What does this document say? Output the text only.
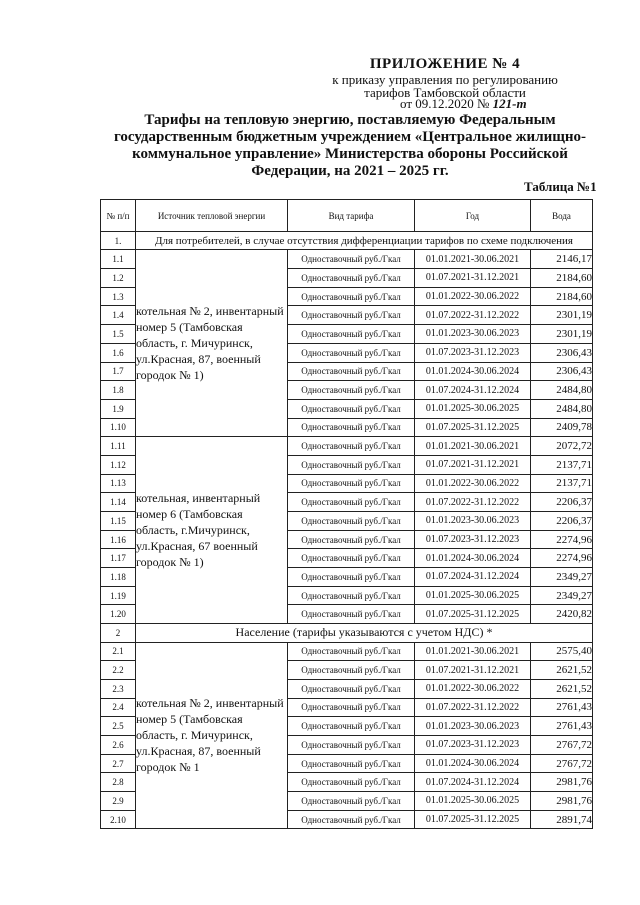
ПРИЛОЖЕНИЕ № 4
к приказу управления по регулированию
тарифов Тамбовской области
от 09.12.2020 № 121-т
Тарифы на тепловую энергию, поставляемую Федеральным государственным бюджетным учреждением «Центральное жилищно-коммунальное управление» Министерства обороны Российской Федерации, на 2021 – 2025 гг.
Таблица №1
№ п/п	Источник тепловой энергии	Вид тарифа	Год	Вода
1.	Для потребителей, в случае отсутствия дифференциации тарифов по схеме подключения			
1.1	котельная № 2, инвентарный номер 5 (Тамбовская область, г. Мичуринск, ул.Красная, 87, военный городок № 1)	Одноставочный руб./Гкал	01.01.2021-30.06.2021	2146,17
1.2		Одноставочный руб./Гкал	01.07.2021-31.12.2021	2184,60
1.3		Одноставочный руб./Гкал	01.01.2022-30.06.2022	2184,60
1.4		Одноставочный руб./Гкал	01.07.2022-31.12.2022	2301,19
1.5		Одноставочный руб./Гкал	01.01.2023-30.06.2023	2301,19
1.6		Одноставочный руб./Гкал	01.07.2023-31.12.2023	2306,43
1.7		Одноставочный руб./Гкал	01.01.2024-30.06.2024	2306,43
1.8		Одноставочный руб./Гкал	01.07.2024-31.12.2024	2484,80
1.9		Одноставочный руб./Гкал	01.01.2025-30.06.2025	2484,80
1.10		Одноставочный руб./Гкал	01.07.2025-31.12.2025	2409,78
1.11	котельная, инвентарный номер 6 (Тамбовская область, г.Мичуринск, ул.Красная, 67 военный городок № 1)	Одноставочный руб./Гкал	01.01.2021-30.06.2021	2072,72
1.12		Одноставочный руб./Гкал	01.07.2021-31.12.2021	2137,71
1.13		Одноставочный руб./Гкал	01.01.2022-30.06.2022	2137,71
1.14		Одноставочный руб./Гкал	01.07.2022-31.12.2022	2206,37
1.15		Одноставочный руб./Гкал	01.01.2023-30.06.2023	2206,37
1.16		Одноставочный руб./Гкал	01.07.2023-31.12.2023	2274,96
1.17		Одноставочный руб./Гкал	01.01.2024-30.06.2024	2274,96
1.18		Одноставочный руб./Гкал	01.07.2024-31.12.2024	2349,27
1.19		Одноставочный руб./Гкал	01.01.2025-30.06.2025	2349,27
1.20		Одноставочный руб./Гкал	01.07.2025-31.12.2025	2420,82
2	Население (тарифы указываются с учетом НДС) *			
2.1	котельная № 2, инвентарный номер 5 (Тамбовская область, г. Мичуринск, ул.Красная, 87, военный городок № 1	Одноставочный руб./Гкал	01.01.2021-30.06.2021	2575,40
2.2		Одноставочный руб./Гкал	01.07.2021-31.12.2021	2621,52
2.3		Одноставочный руб./Гкал	01.01.2022-30.06.2022	2621,52
2.4		Одноставочный руб./Гкал	01.07.2022-31.12.2022	2761,43
2.5		Одноставочный руб./Гкал	01.01.2023-30.06.2023	2761,43
2.6		Одноставочный руб./Гкал	01.07.2023-31.12.2023	2767,72
2.7		Одноставочный руб./Гкал	01.01.2024-30.06.2024	2767,72
2.8		Одноставочный руб./Гкал	01.07.2024-31.12.2024	2981,76
2.9		Одноставочный руб./Гкал	01.01.2025-30.06.2025	2981,76
2.10		Одноставочный руб./Гкал	01.07.2025-31.12.2025	2891,74
